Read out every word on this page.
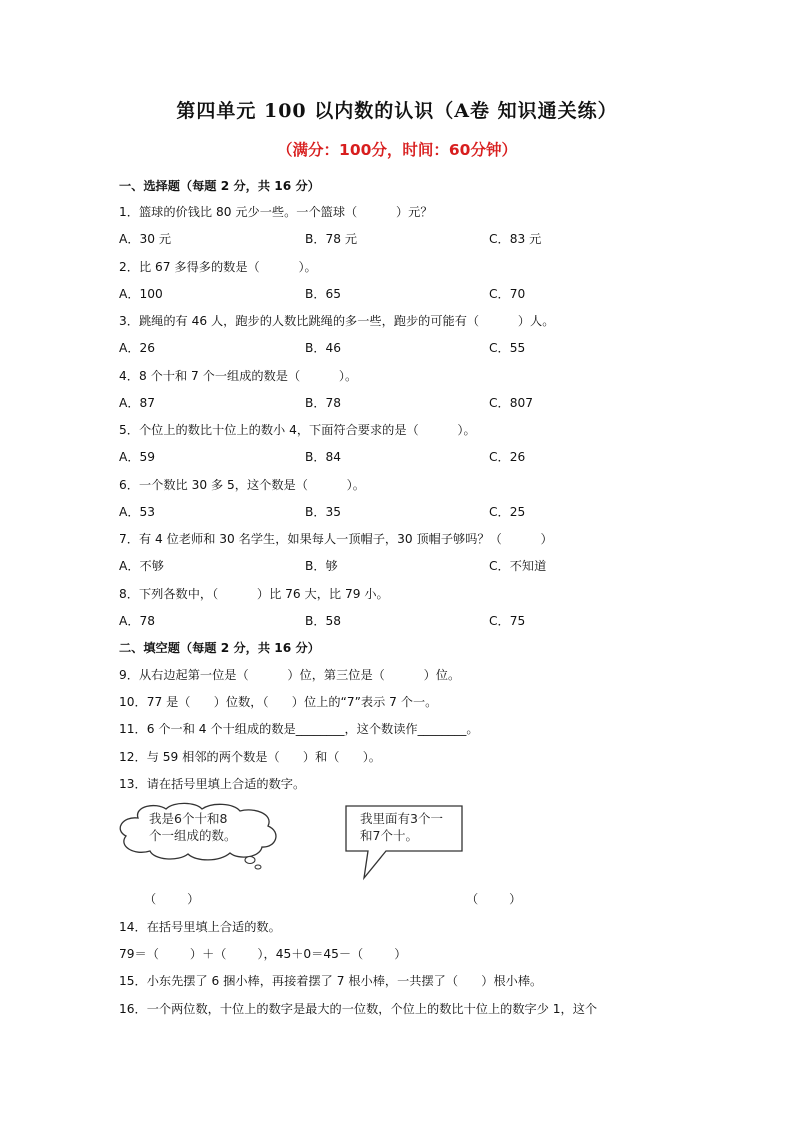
第四单元 100 以内数的认识（A卷 知识通关练）
（满分：100分，时间：60分钟）
一、选择题（每题 2 分，共 16 分）
1．篮球的价钱比 80 元少一些。一个篮球（          ）元？
A．30 元	B．78 元	C．83 元
2．比 67 多得多的数是（          ）。
A．100	B．65	C．70
3．跳绳的有 46 人，跑步的人数比跳绳的多一些，跑步的可能有（          ）人。
A．26	B．46	C．55
4．8 个十和 7 个一组成的数是（          ）。
A．87	B．78	C．807
5．个位上的数比十位上的数小 4，下面符合要求的是（          ）。
A．59	B．84	C．26
6．一个数比 30 多 5，这个数是（          ）。
A．53	B．35	C．25
7．有 4 位老师和 30 名学生，如果每人一顶帽子，30 顶帽子够吗？（          ）
A．不够	B．够	C．不知道
8．下列各数中，（          ）比 76 大，比 79 小。
A．78	B．58	C．75
二、填空题（每题 2 分，共 16 分）
9．从右边起第一位是（          ）位，第三位是（          ）位。
10．77 是（      ）位数，（      ）位上的“7”表示 7 个一。
11．6 个一和 4 个十组成的数是________，这个数读作________。
12．与 59 相邻的两个数是（      ）和（      ）。
13．请在括号里填上合适的数字。
我是6个十和8
个一组成的数。
我里面有3个一
和7个十。
（        ）	（        ）
14．在括号里填上合适的数。
79＝（        ）＋（        ），45＋0＝45－（        ）
15．小东先摆了 6 捆小棒，再接着摆了 7 根小棒，一共摆了（      ）根小棒。
16．一个两位数，十位上的数字是最大的一位数，个位上的数比十位上的数字少 1，这个
